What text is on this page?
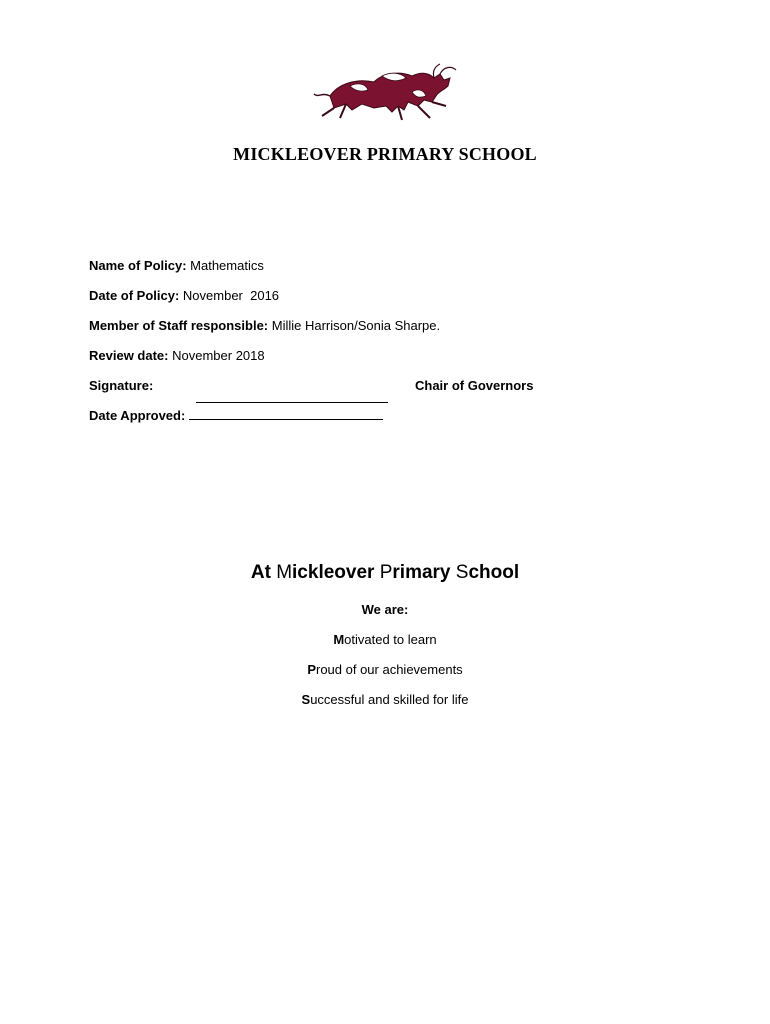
MICKLEOVER PRIMARY SCHOOL
Name of Policy: Mathematics
Date of Policy: November  2016
Member of Staff responsible: Millie Harrison/Sonia Sharpe.
Review date: November 2018
Signature:	Chair of Governors
Date Approved:
At Mickleover Primary School
We are:
Motivated to learn
Proud of our achievements
Successful and skilled for life
